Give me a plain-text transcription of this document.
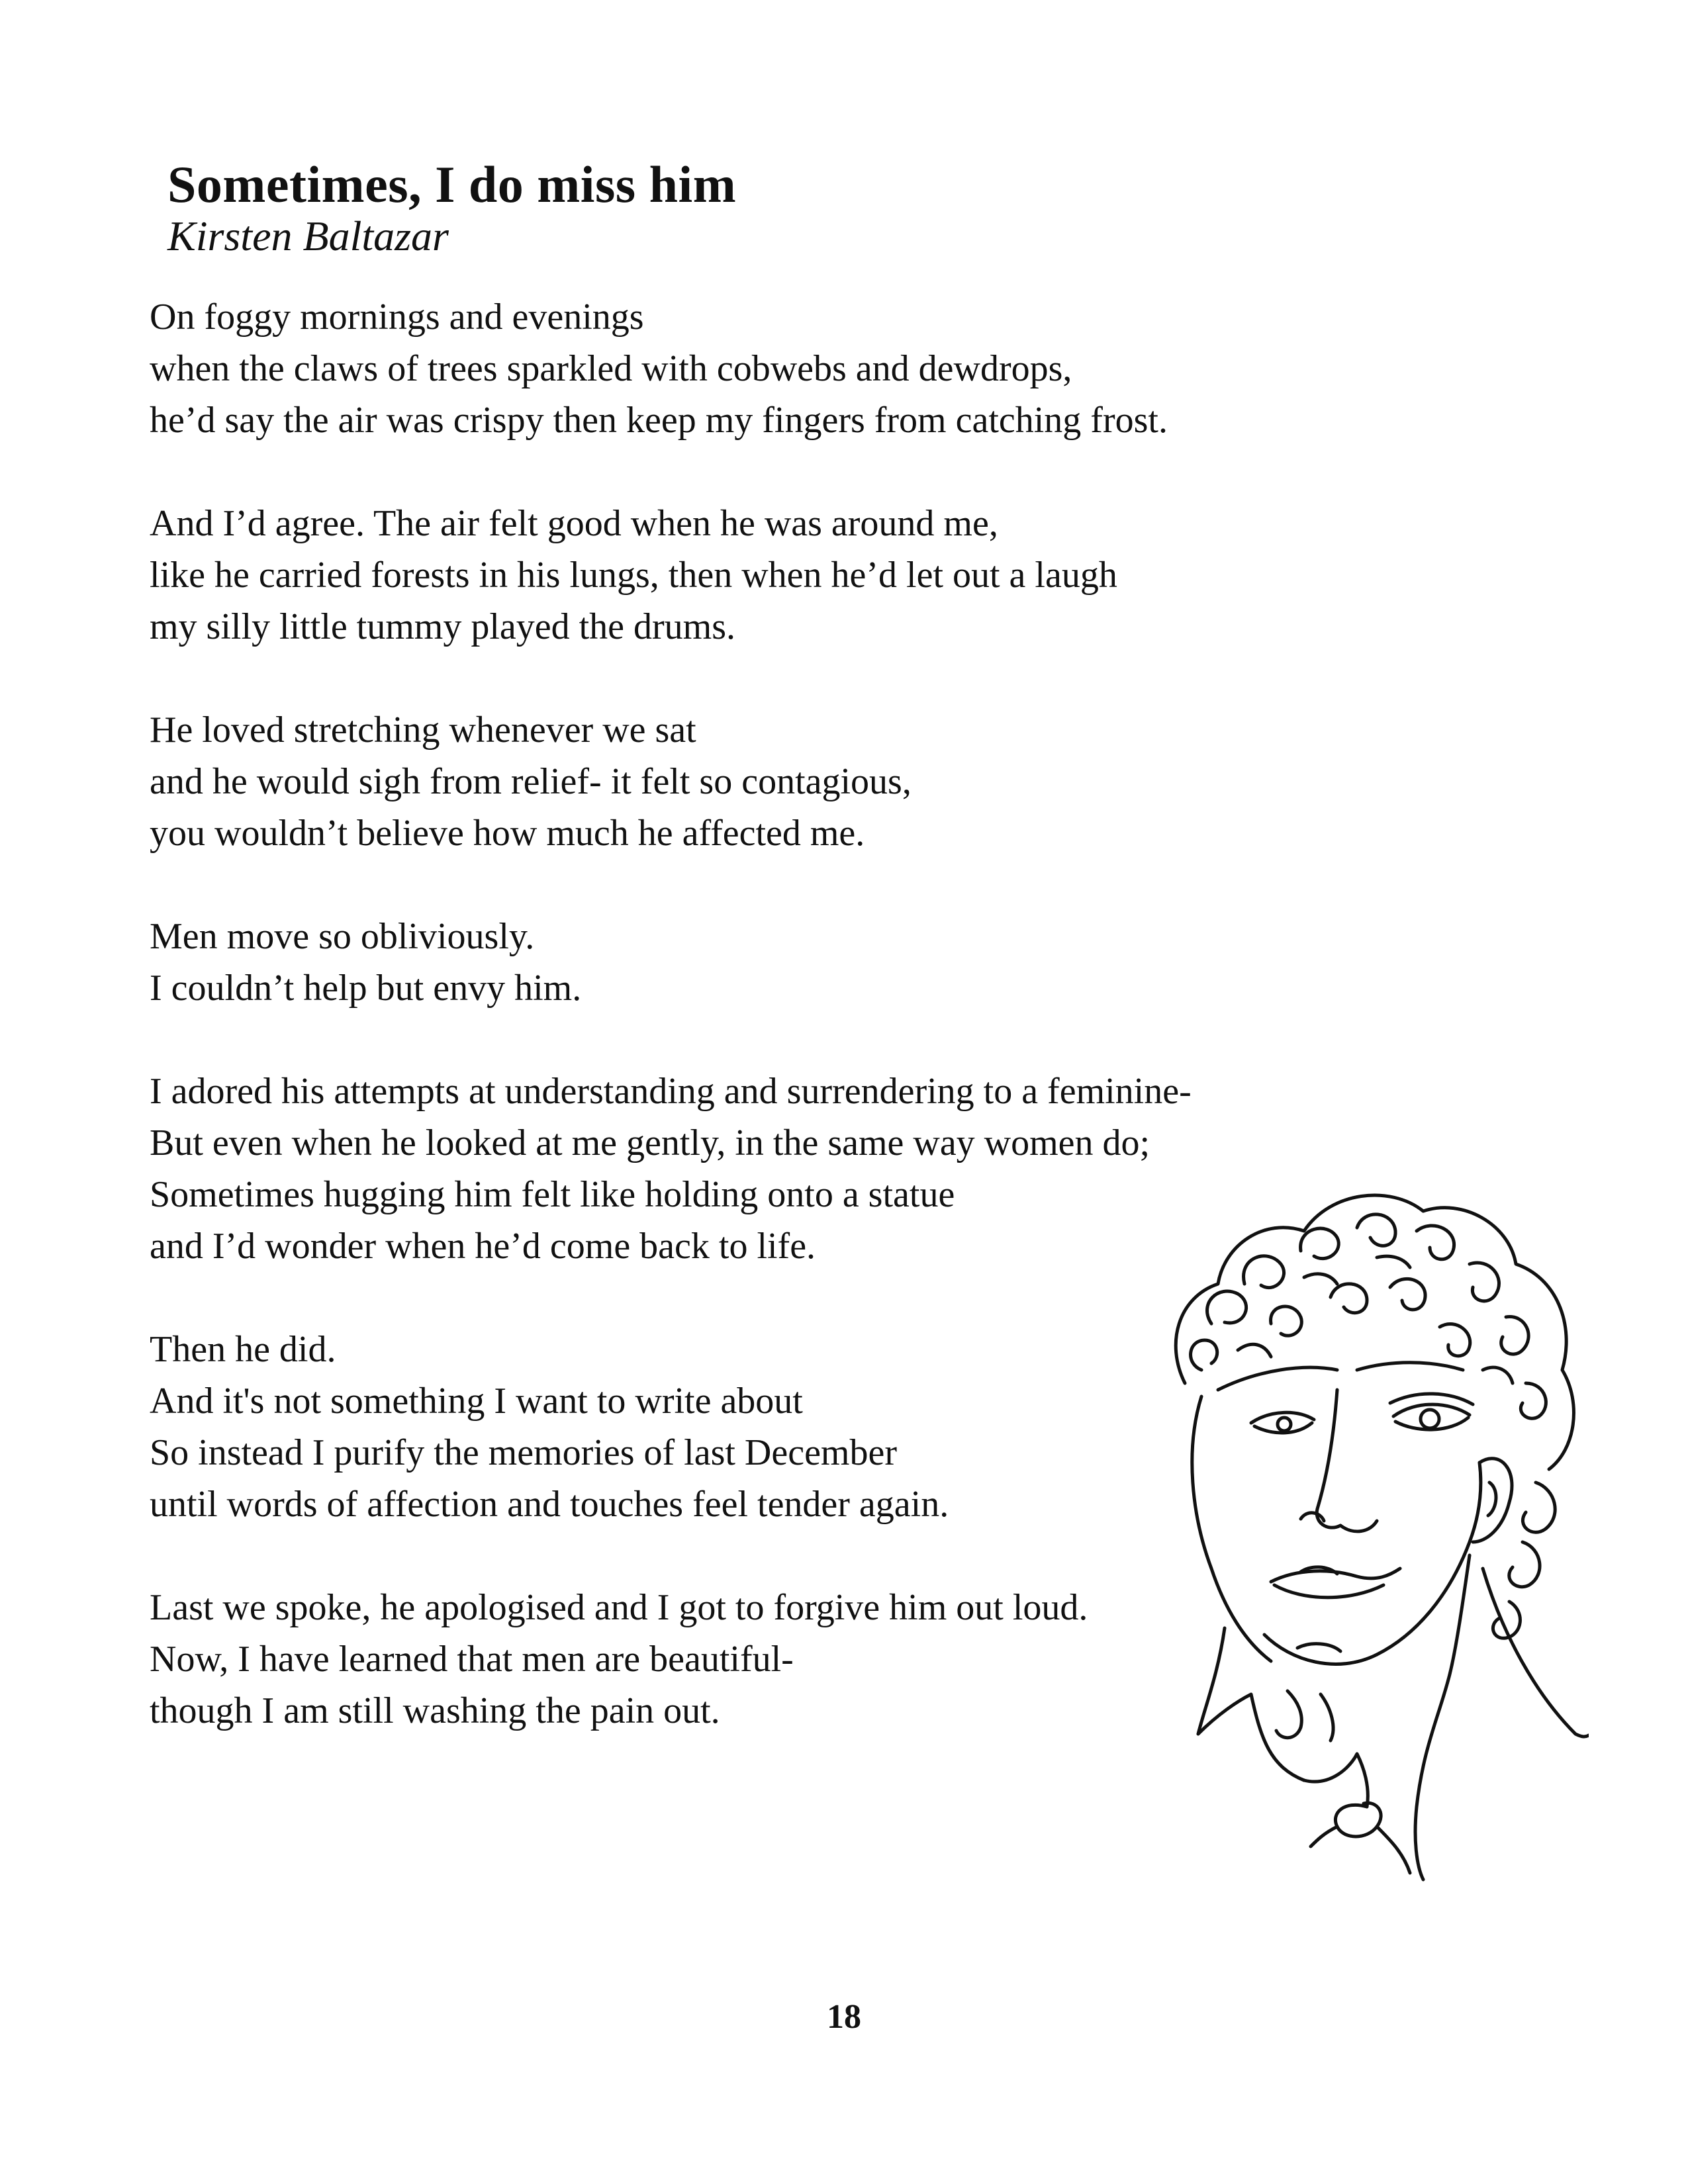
Sometimes, I do miss him
Kirsten Baltazar
On foggy mornings and evenings
when the claws of trees sparkled with cobwebs and dewdrops,
he’d say the air was crispy then keep my fingers from catching frost.
And I’d agree. The air felt good when he was around me,
like he carried forests in his lungs, then when he’d let out a laugh
my silly little tummy played the drums.
He loved stretching whenever we sat
and he would sigh from relief- it felt so contagious,
you wouldn’t believe how much he affected me.
Men move so obliviously.
I couldn’t help but envy him.
I adored his attempts at understanding and surrendering to a feminine-
But even when he looked at me gently, in the same way women do;
Sometimes hugging him felt like holding onto a statue
and I’d wonder when he’d come back to life.
Then he did.
And it's not something I want to write about
So instead I purify the memories of last December
until words of affection and touches feel tender again.
Last we spoke, he apologised and I got to forgive him out loud.
Now, I have learned that men are beautiful-
though I am still washing the pain out.
18
